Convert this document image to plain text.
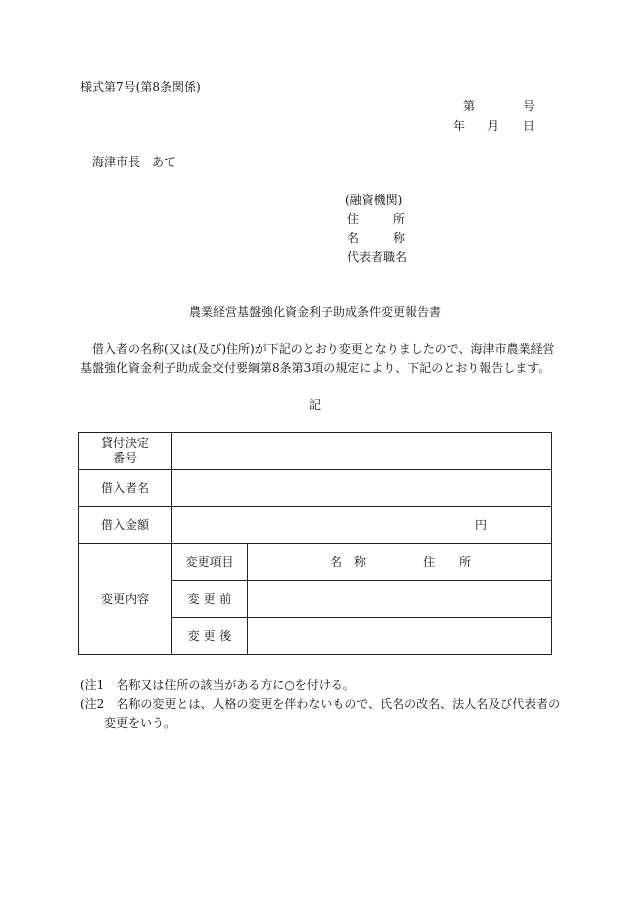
様式第7号(第8条関係)
第	号
年 月 日
海津市長　あて
(融資機関)
住	所
名	称
代表者職名
農業経営基盤強化資金利子助成条件変更報告書
借入者の名称(又は(及び)住所)が下記のとおり変更となりましたので、海津市農業経営
基盤強化資金利子助成金交付要綱第8条第3項の規定により、下記のとおり報告します。
記
貸付決定
番号		

借入者名		
借入金額	円	
変更内容	変更項目	名 称 住 所

	変 更 前	
	変 更 後	
(注1　名称又は住所の該当がある方に○を付ける。
(注2　名称の変更とは、人格の変更を伴わないもので、氏名の改名、法人名及び代表者の
　　変更をいう。
